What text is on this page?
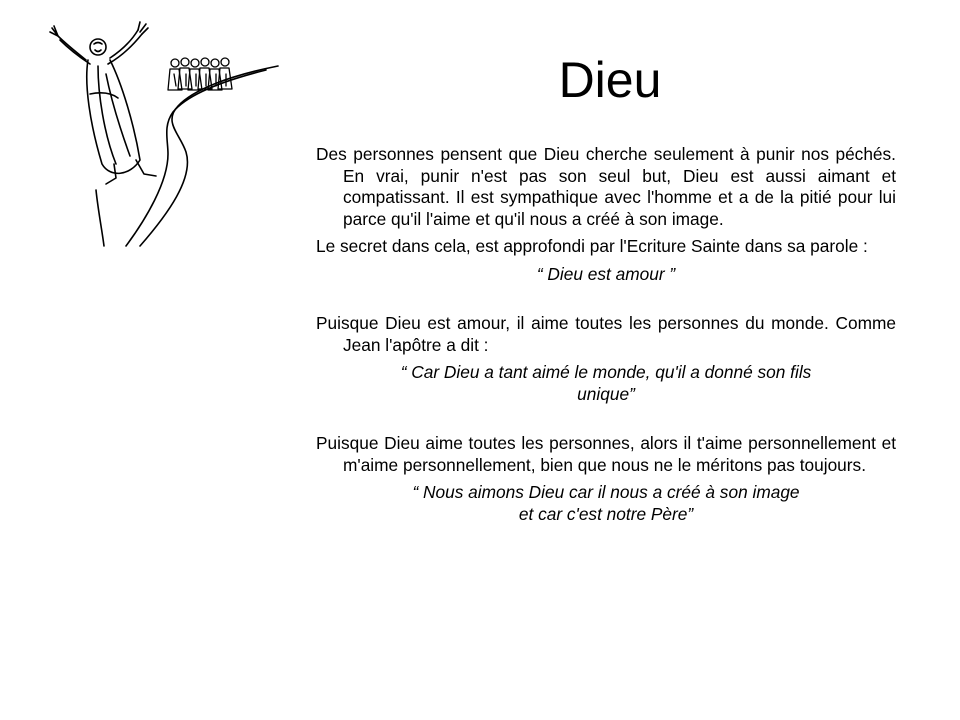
Dieu

Des personnes pensent que Dieu cherche seulement à punir nos péchés. En vrai, punir n'est pas son seul but, Dieu est aussi aimant et compatissant. Il est sympathique avec l'homme et a de la pitié pour lui parce qu'il l'aime et qu'il nous a créé à son image.

Le secret dans cela, est approfondi par l'Ecriture Sainte dans sa parole :

“ Dieu est amour ”

Puisque Dieu est amour, il aime toutes les personnes du monde. Comme Jean l'apôtre a dit :

“ Car Dieu a tant aimé le monde, qu'il a donné son fils

unique”

Puisque Dieu aime toutes les personnes, alors il t'aime personnellement et m'aime personnellement, bien que nous ne le méritons pas toujours.

“ Nous aimons Dieu car il nous a créé à son image

et car c'est notre Père”
